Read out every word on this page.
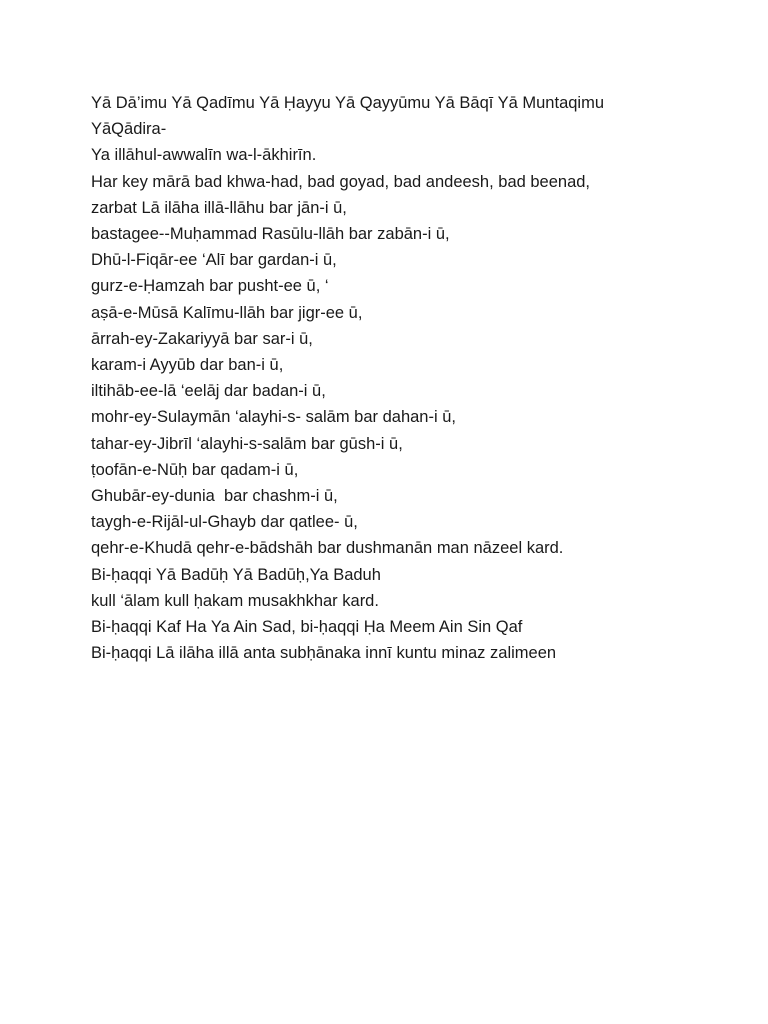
Yā Dā’imu Yā Qadīmu Yā Ḥayyu Yā Qayyūmu Yā Bāqī Yā Muntaqimu
YāQādira-
Ya illāhul-awwalīn wa-l-ākhirīn.
Har key mārā bad khwa-had, bad goyad, bad andeesh, bad beenad,
zarbat Lā ilāha illā-llāhu bar jān-i ū,
bastagee--Muḥammad Rasūlu-llāh bar zabān-i ū,
Dhū-l-Fiqār-ee ‘Alī bar gardan-i ū,
gurz-e-Ḥamzah bar pusht-ee ū, ‘
aṣā-e-Mūsā Kalīmu-llāh bar jigr-ee ū,
ārrah-ey-Zakariyyā bar sar-i ū,
karam-i Ayyūb dar ban-i ū,
iltihāb-ee-lā ‘eelāj dar badan-i ū,
mohr-ey-Sulaymān ‘alayhi-s- salām bar dahan-i ū,
tahar-ey-Jibrīl ‘alayhi-s-salām bar gūsh-i ū,
ṭoofān-e-Nūḥ bar qadam-i ū,
Ghubār-ey-dunia  bar chashm-i ū,
taygh-e-Rijāl-ul-Ghayb dar qatlee- ū,
qehr-e-Khudā qehr-e-bādshāh bar dushmanān man nāzeel kard.
Bi-ḥaqqi Yā Badūḥ Yā Badūḥ,Ya Baduh
kull ‘ālam kull ḥakam musakhkhar kard.
Bi-ḥaqqi Kaf Ha Ya Ain Sad, bi-ḥaqqi Ḥa Meem Ain Sin Qaf
Bi-ḥaqqi Lā ilāha illā anta subḥānaka innī kuntu minaz zalimeen
